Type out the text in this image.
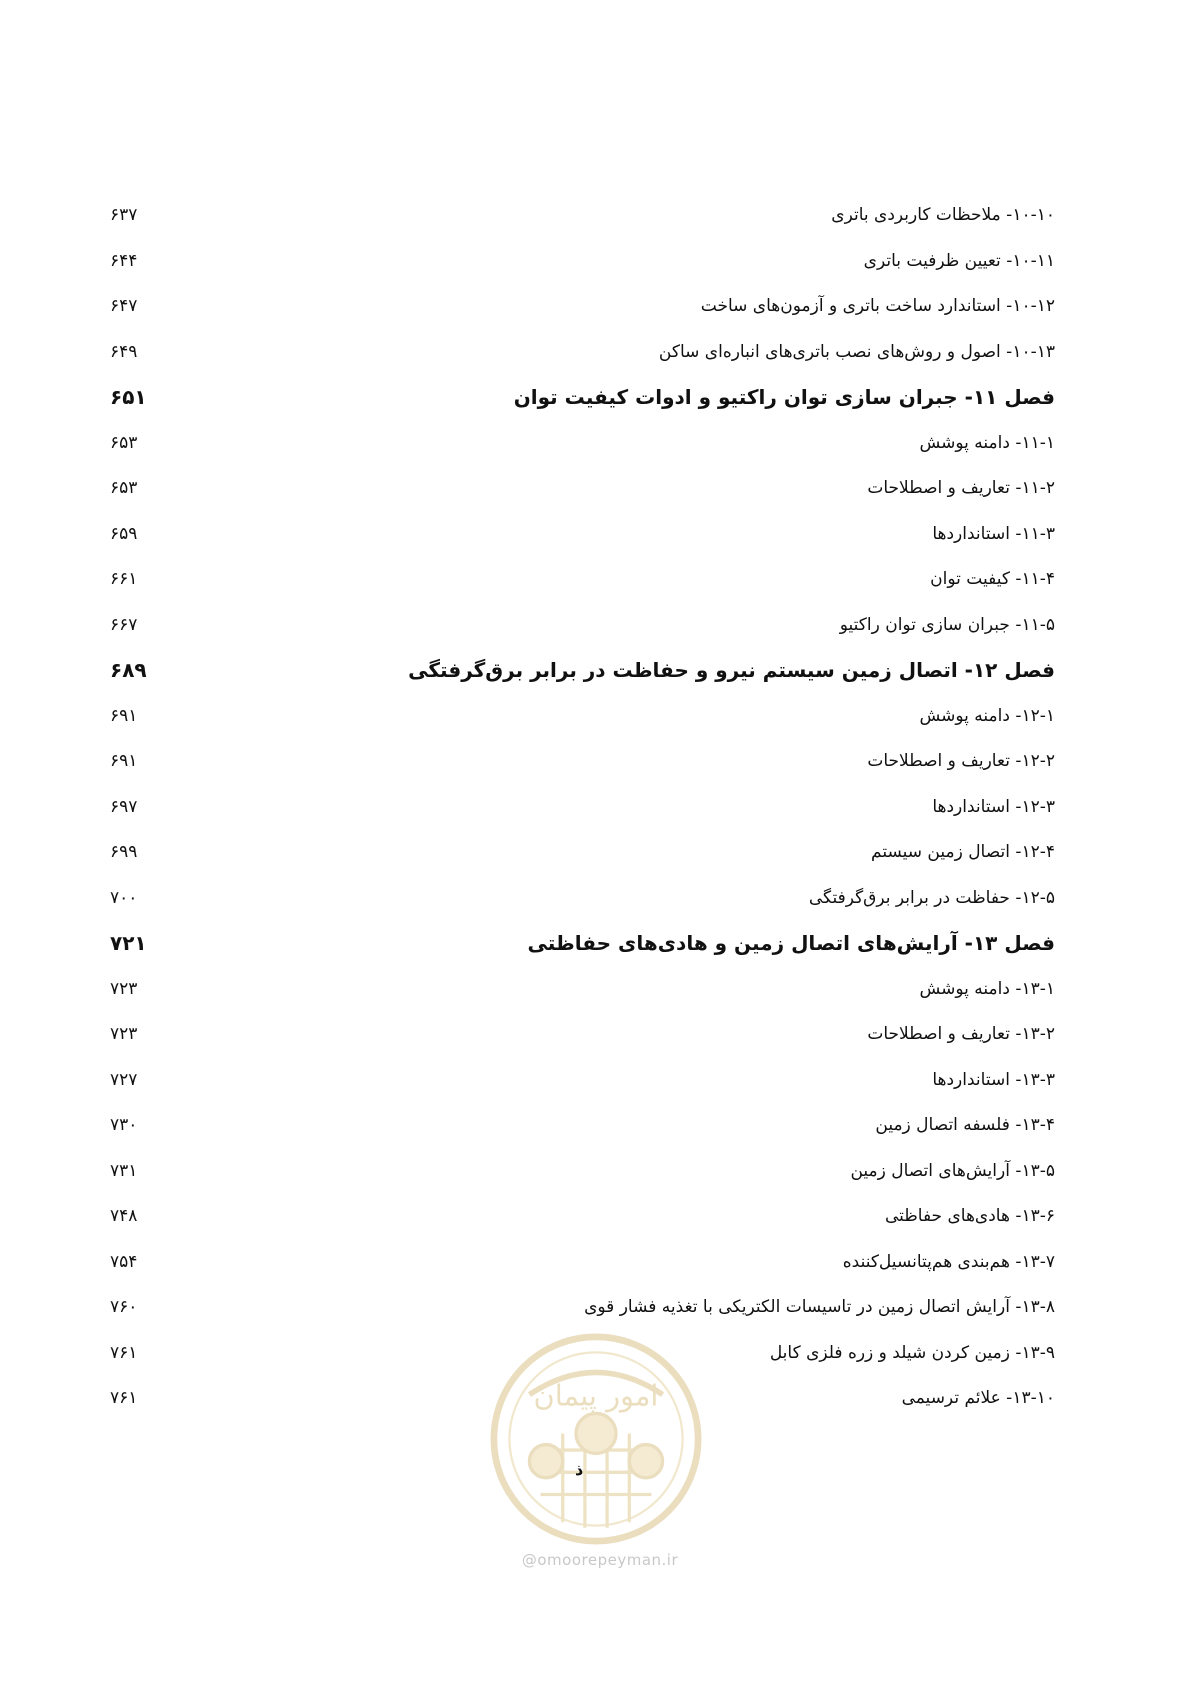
۱۰-۱۰- ملاحظات کاربردی باتری
۶۳۷
۱۰-۱۱- تعیین ظرفیت باتری
۶۴۴
۱۰-۱۲- استاندارد ساخت باتری و آزمون‌های ساخت
۶۴۷
۱۰-۱۳- اصول و روش‌های نصب باتری‌های انباره‌ای ساکن
۶۴۹
فصل ۱۱- جبران سازی توان راکتیو و ادوات کیفیت توان
۶۵۱
۱۱-۱- دامنه پوشش
۶۵۳
۱۱-۲- تعاریف و اصطلاحات
۶۵۳
۱۱-۳- استانداردها
۶۵۹
۱۱-۴- کیفیت توان
۶۶۱
۱۱-۵- جبران سازی توان راکتیو
۶۶۷
فصل ۱۲- اتصال زمین سیستم نیرو و حفاظت در برابر برق‌گرفتگی
۶۸۹
۱۲-۱- دامنه پوشش
۶۹۱
۱۲-۲- تعاریف و اصطلاحات
۶۹۱
۱۲-۳- استانداردها
۶۹۷
۱۲-۴- اتصال زمین سیستم
۶۹۹
۱۲-۵- حفاظت در برابر برق‌گرفتگی
۷۰۰
فصل ۱۳- آرایش‌های اتصال زمین و هادی‌های حفاظتی
۷۲۱
۱۳-۱- دامنه پوشش
۷۲۳
۱۳-۲- تعاریف و اصطلاحات
۷۲۳
۱۳-۳- استانداردها
۷۲۷
۱۳-۴- فلسفه اتصال زمین
۷۳۰
۱۳-۵- آرایش‌های اتصال زمین
۷۳۱
۱۳-۶- هادی‌های حفاظتی
۷۴۸
۱۳-۷- هم‌بندی هم‌پتانسیل‌کننده
۷۵۴
۱۳-۸- آرایش اتصال زمین در تاسیسات الکتریکی با تغذیه فشار قوی
۷۶۰
۱۳-۹- زمین کردن شیلد و زره فلزی کابل
۷۶۱
۱۳-۱۰- علائم ترسیمی
۷۶۱	امور پیمان
@omoorepeyman.ir
ذ
